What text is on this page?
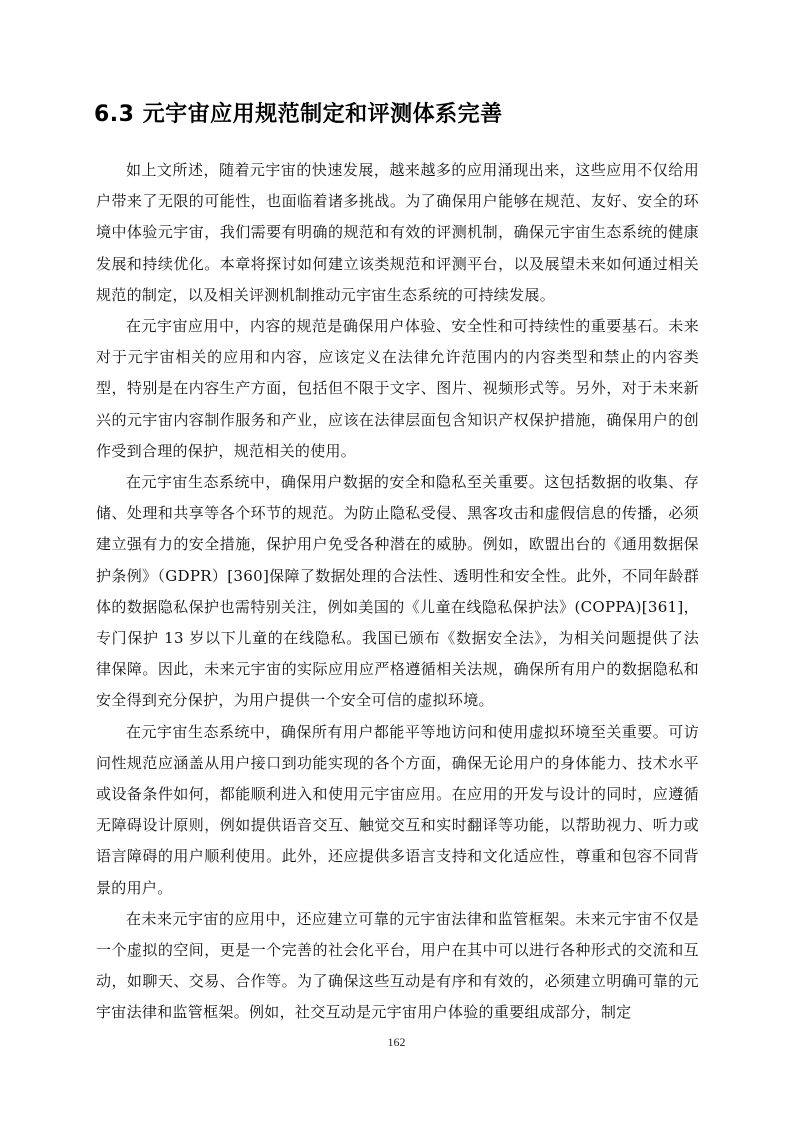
6.3 元宇宙应用规范制定和评测体系完善

如上文所述，随着元宇宙的快速发展，越来越多的应用涌现出来，这些应用不仅给用户带来了无限的可能性，也面临着诸多挑战。为了确保用户能够在规范、友好、安全的环境中体验元宇宙，我们需要有明确的规范和有效的评测机制，确保元宇宙生态系统的健康发展和持续优化。本章将探讨如何建立该类规范和评测平台，以及展望未来如何通过相关规范的制定，以及相关评测机制推动元宇宙生态系统的可持续发展。

在元宇宙应用中，内容的规范是确保用户体验、安全性和可持续性的重要基石。未来对于元宇宙相关的应用和内容，应该定义在法律允许范围内的内容类型和禁止的内容类型，特别是在内容生产方面，包括但不限于文字、图片、视频形式等。另外，对于未来新兴的元宇宙内容制作服务和产业，应该在法律层面包含知识产权保护措施，确保用户的创作受到合理的保护，规范相关的使用。

在元宇宙生态系统中，确保用户数据的安全和隐私至关重要。这包括数据的收集、存储、处理和共享等各个环节的规范。为防止隐私受侵、黑客攻击和虚假信息的传播，必须建立强有力的安全措施，保护用户免受各种潜在的威胁。例如，欧盟出台的《通用数据保护条例》（GDPR）[360]保障了数据处理的合法性、透明性和安全性。此外，不同年龄群体的数据隐私保护也需特别关注，例如美国的《儿童在线隐私保护法》(COPPA)[361]，专门保护 13 岁以下儿童的在线隐私。我国已颁布《数据安全法》，为相关问题提供了法律保障。因此，未来元宇宙的实际应用应严格遵循相关法规，确保所有用户的数据隐私和安全得到充分保护，为用户提供一个安全可信的虚拟环境。

在元宇宙生态系统中，确保所有用户都能平等地访问和使用虚拟环境至关重要。可访问性规范应涵盖从用户接口到功能实现的各个方面，确保无论用户的身体能力、技术水平或设备条件如何，都能顺利进入和使用元宇宙应用。在应用的开发与设计的同时，应遵循无障碍设计原则，例如提供语音交互、触觉交互和实时翻译等功能，以帮助视力、听力或语言障碍的用户顺利使用。此外，还应提供多语言支持和文化适应性，尊重和包容不同背景的用户。

在未来元宇宙的应用中，还应建立可靠的元宇宙法律和监管框架。未来元宇宙不仅是一个虚拟的空间，更是一个完善的社会化平台，用户在其中可以进行各种形式的交流和互动，如聊天、交易、合作等。为了确保这些互动是有序和有效的，必须建立明确可靠的元宇宙法律和监管框架。例如，社交互动是元宇宙用户体验的重要组成部分，制定

162
